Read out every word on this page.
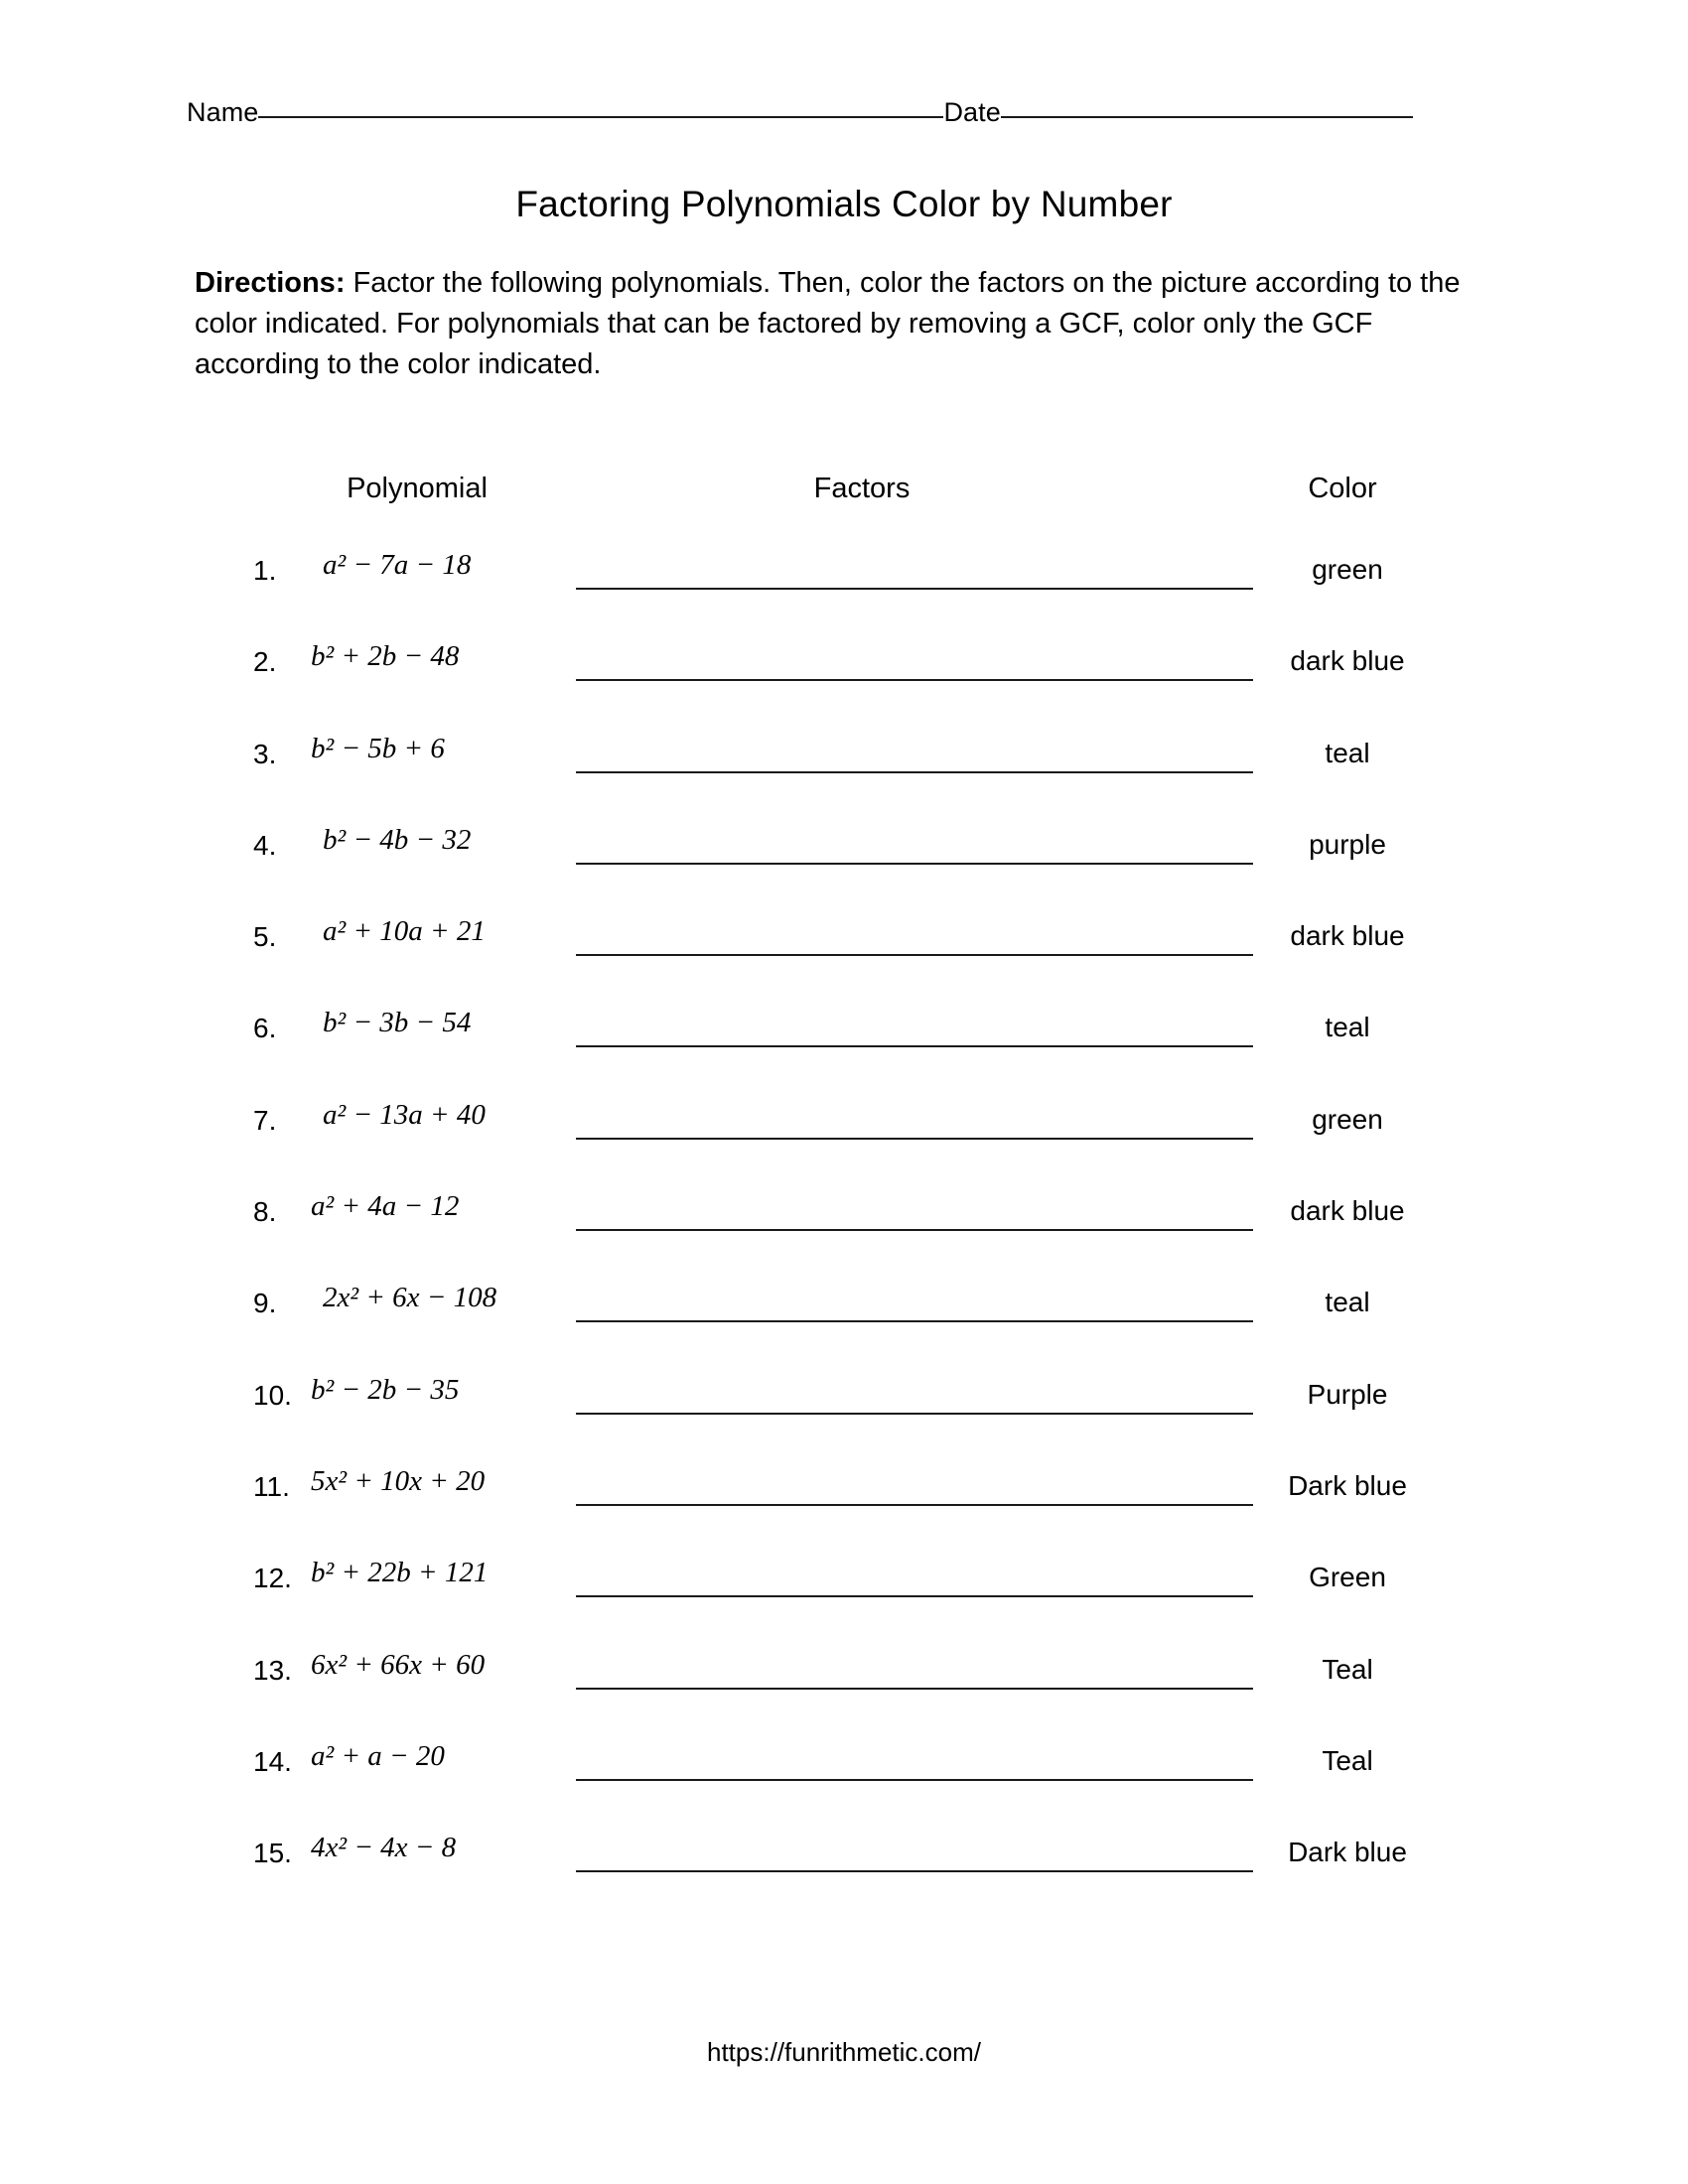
Name	Date
Factoring Polynomials Color by Number
Directions: Factor the following polynomials. Then, color the factors on the picture according to the color indicated. For polynomials that can be factored by removing a GCF, color only the GCF according to the color indicated.
Polynomial	Factors	Color
1.	a² − 7a − 18	green
2.	b² + 2b − 48	dark blue
3.	b² − 5b + 6	teal
4.	b² − 4b − 32	purple
5.	a² + 10a + 21	dark blue
6.	b² − 3b − 54	teal
7.	a² − 13a + 40	green
8.	a² + 4a − 12	dark blue
9.	2x² + 6x − 108	teal
10. b² − 2b − 35	Purple
11. 5x² + 10x + 20	Dark blue
12. b² + 22b + 121	Green
13. 6x² + 66x + 60	Teal
14. a² + a − 20	Teal
15. 4x² − 4x − 8	Dark blue
https://funrithmetic.com/
